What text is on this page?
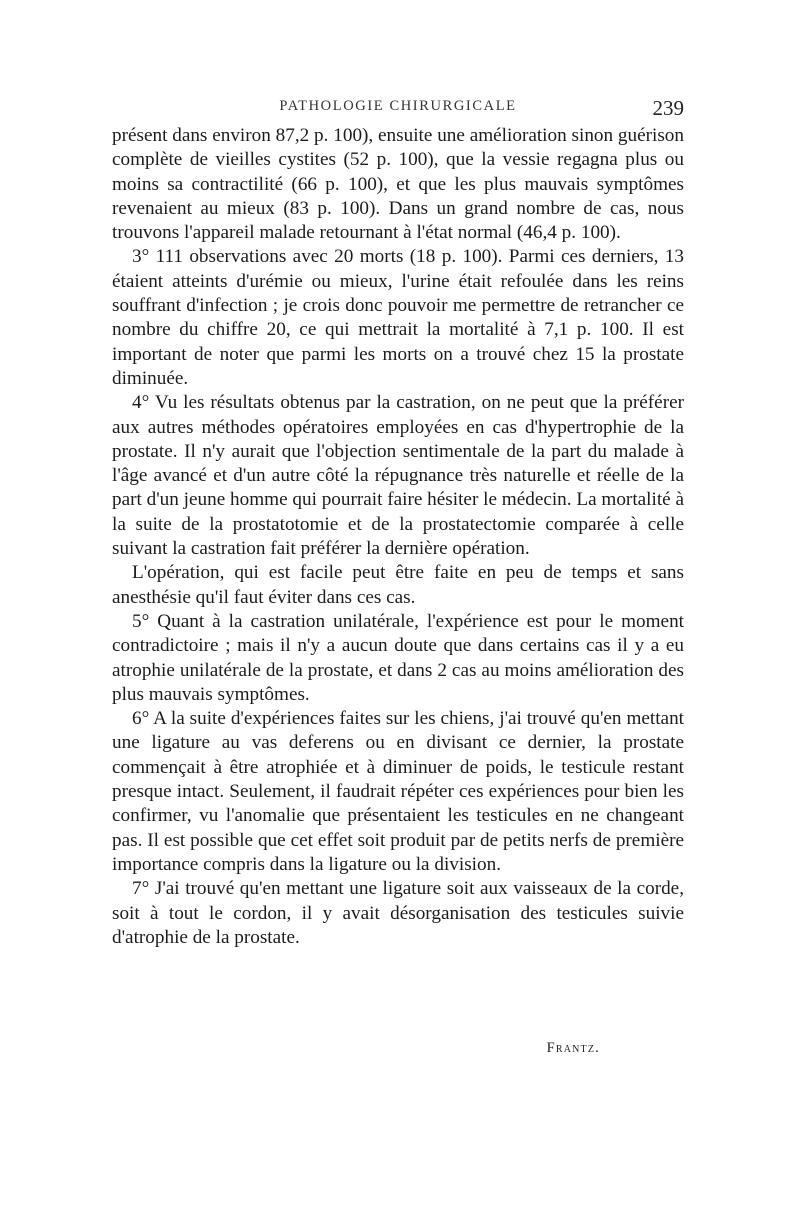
PATHOLOGIE CHIRURGICALE	239

présent dans environ 87,2 p. 100), ensuite une amélioration sinon guérison complète de vieilles cystites (52 p. 100), que la vessie regagna plus ou moins sa contractilité (66 p. 100), et que les plus mauvais symptômes revenaient au mieux (83 p. 100). Dans un grand nombre de cas, nous trouvons l'appareil malade retournant à l'état normal (46,4 p. 100).

3° 111 observations avec 20 morts (18 p. 100). Parmi ces derniers, 13 étaient atteints d'urémie ou mieux, l'urine était refoulée dans les reins souffrant d'infection ; je crois donc pouvoir me permettre de retrancher ce nombre du chiffre 20, ce qui mettrait la mortalité à 7,1 p. 100. Il est important de noter que parmi les morts on a trouvé chez 15 la prostate diminuée.

4° Vu les résultats obtenus par la castration, on ne peut que la préférer aux autres méthodes opératoires employées en cas d'hypertrophie de la prostate. Il n'y aurait que l'objection sentimentale de la part du malade à l'âge avancé et d'un autre côté la répugnance très naturelle et réelle de la part d'un jeune homme qui pourrait faire hésiter le médecin. La mortalité à la suite de la prostatotomie et de la prostatectomie comparée à celle suivant la castration fait préférer la dernière opération.

L'opération, qui est facile peut être faite en peu de temps et sans anesthésie qu'il faut éviter dans ces cas.

5° Quant à la castration unilatérale, l'expérience est pour le moment contradictoire ; mais il n'y a aucun doute que dans certains cas il y a eu atrophie unilatérale de la prostate, et dans 2 cas au moins amélioration des plus mauvais symptômes.

6° A la suite d'expériences faites sur les chiens, j'ai trouvé qu'en mettant une ligature au vas deferens ou en divisant ce dernier, la prostate commençait à être atrophiée et à diminuer de poids, le testicule restant presque intact. Seulement, il faudrait répéter ces expériences pour bien les confirmer, vu l'anomalie que présentaient les testicules en ne changeant pas. Il est possible que cet effet soit produit par de petits nerfs de première importance compris dans la ligature ou la division.

7° J'ai trouvé qu'en mettant une ligature soit aux vaisseaux de la corde, soit à tout le cordon, il y avait désorganisation des testicules suivie d'atrophie de la prostate.

Frantz.
